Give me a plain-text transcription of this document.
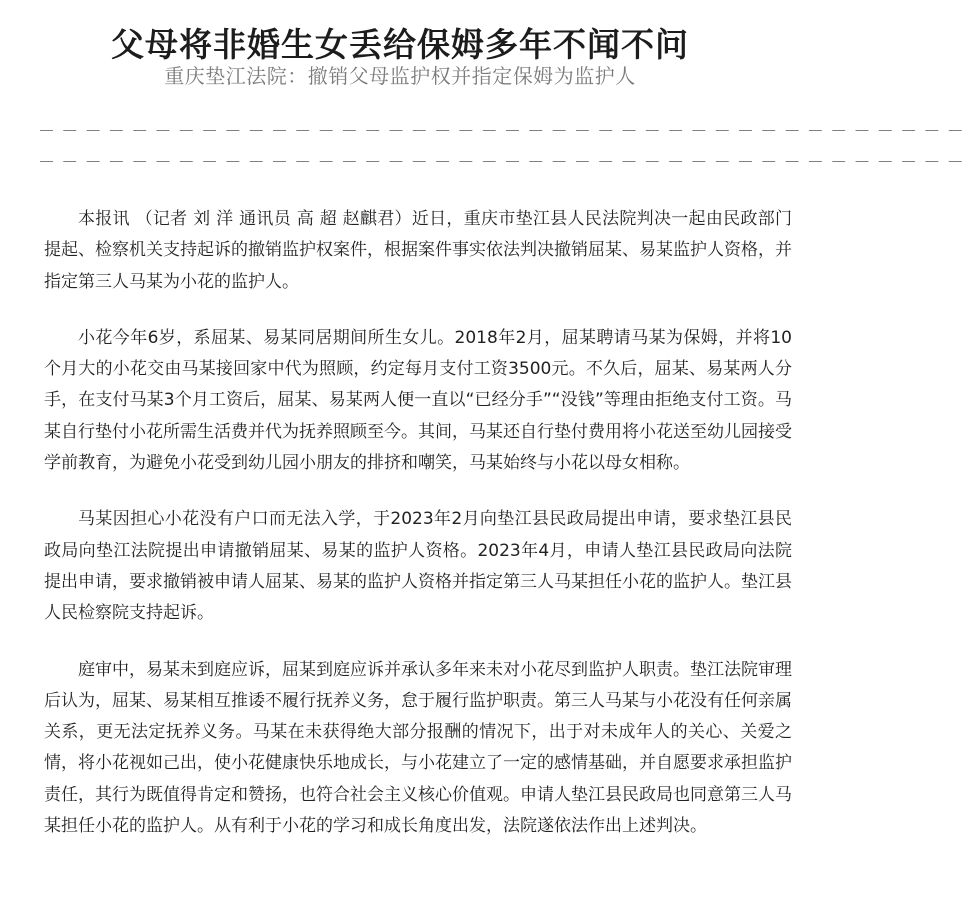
父母将非婚生女丢给保姆多年不闻不问
重庆垫江法院：撤销父母监护权并指定保姆为监护人
－－－－－－－－－－－－－－－－－－－－－－－－－－－－－－－－－－－－－－－－
－－－－－－－－－－－－－－－－－－－－－－－－－－－－－－－－－－－－－－－－

本报讯 （记者 刘 洋 通讯员 高 超 赵麒君）近日，重庆市垫江县人民法院判决一起由民政部门提起、检察机关支持起诉的撤销监护权案件，根据案件事实依法判决撤销屈某、易某监护人资格，并指定第三人马某为小花的监护人。

小花今年6岁，系屈某、易某同居期间所生女儿。2018年2月，屈某聘请马某为保姆，并将10个月大的小花交由马某接回家中代为照顾，约定每月支付工资3500元。不久后，屈某、易某两人分手，在支付马某3个月工资后，屈某、易某两人便一直以“已经分手”“没钱”等理由拒绝支付工资。马某自行垫付小花所需生活费并代为抚养照顾至今。其间，马某还自行垫付费用将小花送至幼儿园接受学前教育，为避免小花受到幼儿园小朋友的排挤和嘲笑，马某始终与小花以母女相称。

马某因担心小花没有户口而无法入学，于2023年2月向垫江县民政局提出申请，要求垫江县民政局向垫江法院提出申请撤销屈某、易某的监护人资格。2023年4月，申请人垫江县民政局向法院提出申请，要求撤销被申请人屈某、易某的监护人资格并指定第三人马某担任小花的监护人。垫江县人民检察院支持起诉。

庭审中，易某未到庭应诉，屈某到庭应诉并承认多年来未对小花尽到监护人职责。垫江法院审理后认为，屈某、易某相互推诿不履行抚养义务，怠于履行监护职责。第三人马某与小花没有任何亲属关系，更无法定抚养义务。马某在未获得绝大部分报酬的情况下，出于对未成年人的关心、关爱之情，将小花视如己出，使小花健康快乐地成长，与小花建立了一定的感情基础，并自愿要求承担监护责任，其行为既值得肯定和赞扬，也符合社会主义核心价值观。申请人垫江县民政局也同意第三人马某担任小花的监护人。从有利于小花的学习和成长角度出发，法院遂依法作出上述判决。
